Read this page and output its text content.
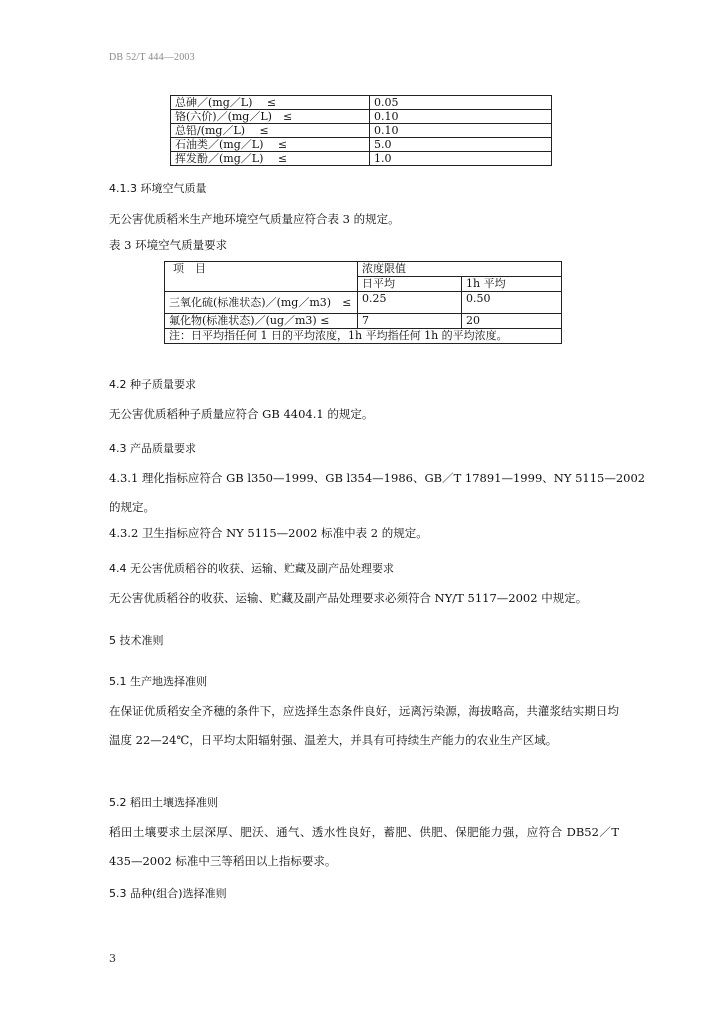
DB 52/T 444—2003
总砷／(mg／L)　 ≤	0.05
铬(六价)／(mg／L)　≤	0.10
总铅/(mg／L)　 ≤	0.10
石油类／(mg／L)　 ≤	5.0
挥发酚／(mg／L)　 ≤	1.0
4.1.3 环境空气质量
无公害优质稻米生产地环境空气质量应符合表 3 的规定。
表 3 环境空气质量要求
项　目	浓度限值	
	日平均	1h 平均
三氧化硫(标准状态)／(mg／m3)　≤	0.25	0.50
氟化物(标准状态)／(ug／m3) ≤	7	20
注：日平均指任何 1 日的平均浓度，1h 平均指任何 1h 的平均浓度。		
4.2 种子质量要求
无公害优质稻种子质量应符合 GB 4404.1 的规定。
4.3 产品质量要求
4.3.1 理化指标应符合 GB l350—1999、GB l354—1986、GB／T 17891—1999、NY 5115—2002
的规定。
4.3.2 卫生指标应符合 NY 5115—2002 标准中表 2 的规定。
4.4 无公害优质稻谷的收获、运输、贮藏及副产品处理要求
无公害优质稻谷的收获、运输、贮藏及副产品处理要求必须符合 NY/T 5117—2002 中规定。
5 技术准则
5.1 生产地选择准则
在保证优质稻安全齐穗的条件下，应选择生态条件良好，远离污染源，海拔略高，共灌浆结实期日均温度 22—24℃，日平均太阳辐射强、温差大，并具有可持续生产能力的农业生产区域。
5.2 稻田土壤选择准则
稻田土壤要求土层深厚、肥沃、通气、透水性良好，蓄肥、供肥、保肥能力强，应符合 DB52／T 435—2002 标准中三等稻田以上指标要求。
5.3 品种(组合)选择准则
3
